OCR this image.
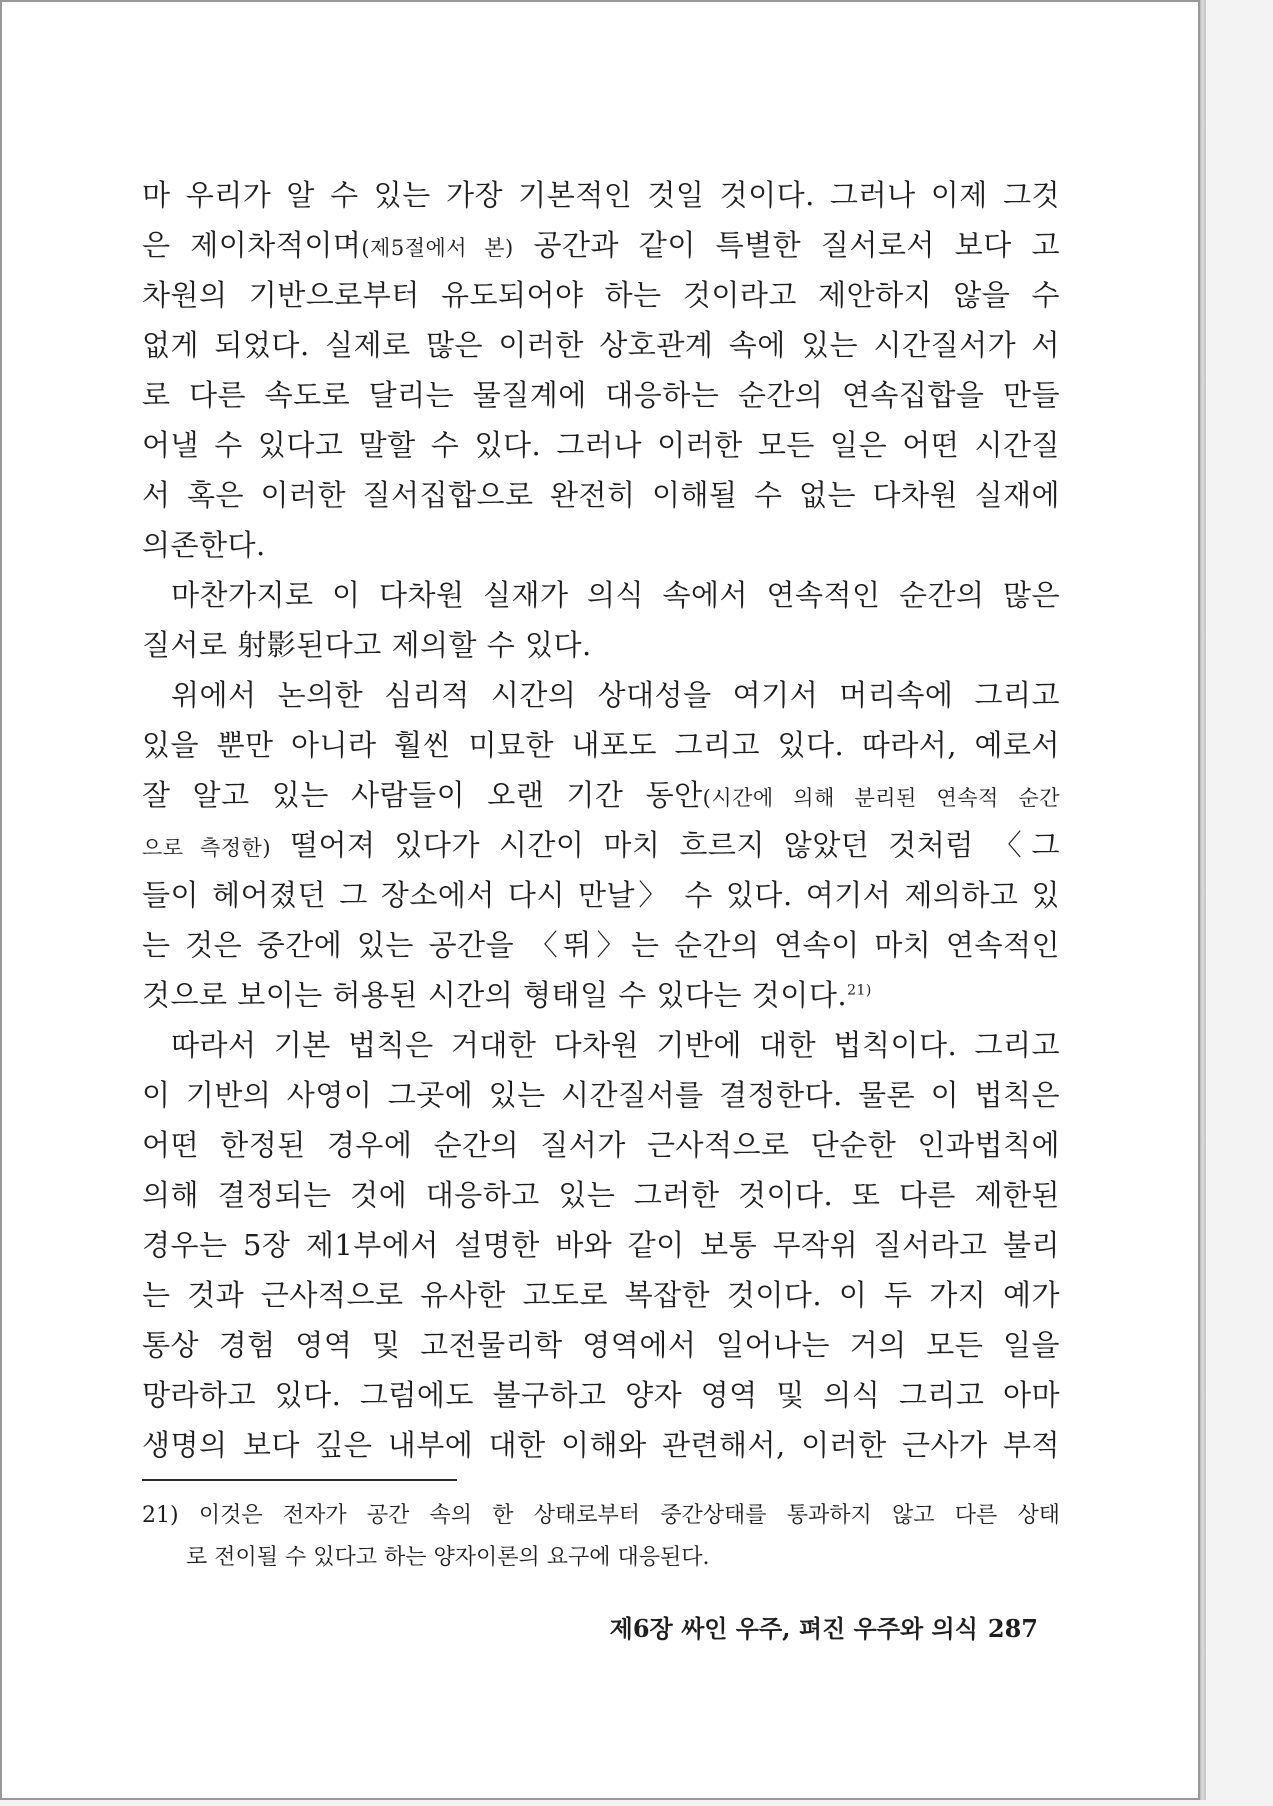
마 우리가 알 수 있는 가장 기본적인 것일 것이다. 그러나 이제 그것
은 제이차적이며(제5절에서 본) 공간과 같이 특별한 질서로서 보다 고
차원의 기반으로부터 유도되어야 하는 것이라고 제안하지 않을 수
없게 되었다. 실제로 많은 이러한 상호관계 속에 있는 시간질서가 서
로 다른 속도로 달리는 물질계에 대응하는 순간의 연속집합을 만들
어낼 수 있다고 말할 수 있다. 그러나 이러한 모든 일은 어떤 시간질
서 혹은 이러한 질서집합으로 완전히 이해될 수 없는 다차원 실재에
의존한다.
마찬가지로 이 다차원 실재가 의식 속에서 연속적인 순간의 많은
질서로 射影된다고 제의할 수 있다.
위에서 논의한 심리적 시간의 상대성을 여기서 머리속에 그리고
있을 뿐만 아니라 훨씬 미묘한 내포도 그리고 있다. 따라서, 예로서
잘 알고 있는 사람들이 오랜 기간 동안(시간에 의해 분리된 연속적 순간
으로 측정한) 떨어져 있다가 시간이 마치 흐르지 않았던 것처럼 〈그
들이 헤어졌던 그 장소에서 다시 만날〉 수 있다. 여기서 제의하고 있
는 것은 중간에 있는 공간을 〈뛰〉는 순간의 연속이 마치 연속적인
것으로 보이는 허용된 시간의 형태일 수 있다는 것이다.$^{21)}$
따라서 기본 법칙은 거대한 다차원 기반에 대한 법칙이다. 그리고
이 기반의 사영이 그곳에 있는 시간질서를 결정한다. 물론 이 법칙은
어떤 한정된 경우에 순간의 질서가 근사적으로 단순한 인과법칙에
의해 결정되는 것에 대응하고 있는 그러한 것이다. 또 다른 제한된
경우는 5장 제1부에서 설명한 바와 같이 보통 무작위 질서라고 불리
는 것과 근사적으로 유사한 고도로 복잡한 것이다. 이 두 가지 예가
통상 경험 영역 및 고전물리학 영역에서 일어나는 거의 모든 일을
망라하고 있다. 그럼에도 불구하고 양자 영역 및 의식 그리고 아마
생명의 보다 깊은 내부에 대한 이해와 관련해서, 이러한 근사가 부적
21) 이것은 전자가 공간 속의 한 상태로부터 중간상태를 통과하지 않고 다른 상태
로 전이될 수 있다고 하는 양자이론의 요구에 대응된다.
제6장 싸인 우주, 펴진 우주와 의식 287
